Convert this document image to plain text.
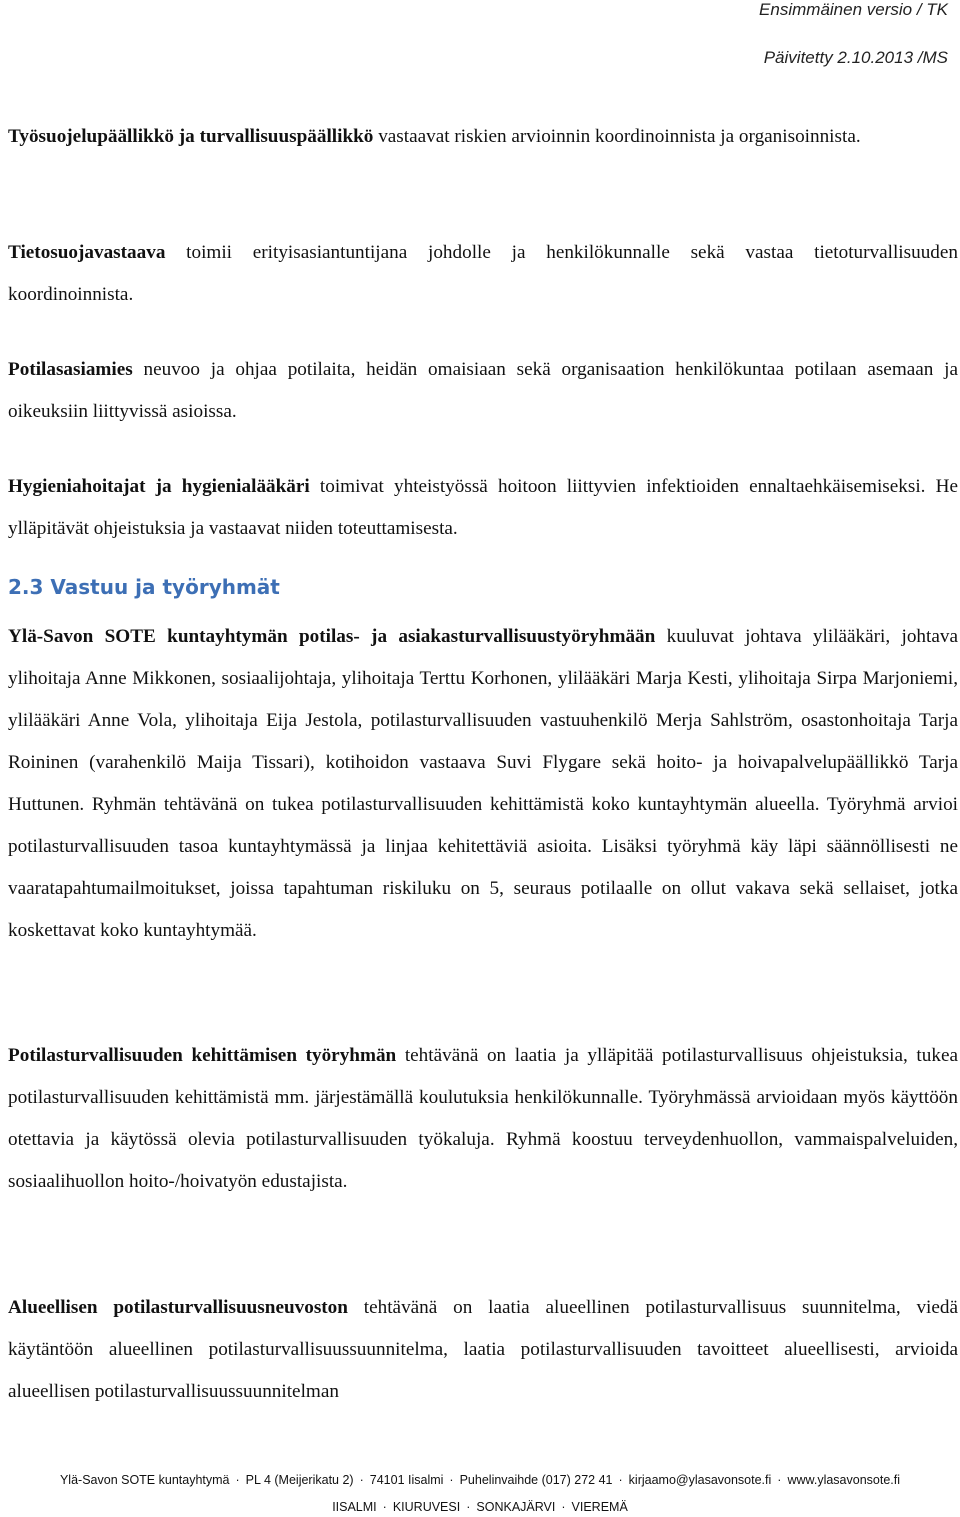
Ensimmäinen versio / TK
Päivitetty 2.10.2013 /MS

Työsuojelupäällikkö ja turvallisuuspäällikkö vastaavat riskien arvioinnin koordinoinnista ja organisoinnista.

Tietosuojavastaava toimii erityisasiantuntijana johdolle ja henkilökunnalle sekä vastaa tietoturvallisuuden koordinoinnista.

Potilasasiamies neuvoo ja ohjaa potilaita, heidän omaisiaan sekä organisaation henkilökuntaa potilaan asemaan ja oikeuksiin liittyvissä asioissa.

Hygieniahoitajat ja hygienialääkäri toimivat yhteistyössä hoitoon liittyvien infektioiden ennaltaehkäisemiseksi. He ylläpitävät ohjeistuksia ja vastaavat niiden toteuttamisesta.

2.3 Vastuu ja työryhmät

Ylä-Savon SOTE kuntayhtymän potilas- ja asiakasturvallisuustyöryhmään kuuluvat johtava ylilääkäri, johtava ylihoitaja Anne Mikkonen, sosiaalijohtaja, ylihoitaja Terttu Korhonen, ylilääkäri Marja Kesti, ylihoitaja Sirpa Marjoniemi, ylilääkäri Anne Vola, ylihoitaja Eija Jestola, potilasturvallisuuden vastuuhenkilö Merja Sahlström, osastonhoitaja Tarja Roininen (varahenkilö Maija Tissari), kotihoidon vastaava Suvi Flygare sekä hoito- ja hoivapalvelupäällikkö Tarja Huttunen. Ryhmän tehtävänä on tukea potilasturvallisuuden kehittämistä koko kuntayhtymän alueella. Työryhmä arvioi potilasturvallisuuden tasoa kuntayhtymässä ja linjaa kehitettäviä asioita. Lisäksi työryhmä käy läpi säännöllisesti ne vaaratapahtumailmoitukset, joissa tapahtuman riskiluku on 5, seuraus potilaalle on ollut vakava sekä sellaiset, jotka koskettavat koko kuntayhtymää.

Potilasturvallisuuden kehittämisen työryhmän tehtävänä on laatia ja ylläpitää potilasturvallisuus ohjeistuksia, tukea potilasturvallisuuden kehittämistä mm. järjestämällä koulutuksia henkilökunnalle. Työryhmässä arvioidaan myös käyttöön otettavia ja käytössä olevia potilasturvallisuuden työkaluja. Ryhmä koostuu terveydenhuollon, vammaispalveluiden, sosiaalihuollon hoito-/hoivatyön edustajista.

Alueellisen potilasturvallisuusneuvoston tehtävänä on laatia alueellinen potilasturvallisuus suunnitelma, viedä käytäntöön alueellinen potilasturvallisuussuunnitelma, laatia potilasturvallisuuden tavoitteet alueellisesti, arvioida alueellisen potilasturvallisuussuunnitelman

Ylä-Savon SOTE kuntayhtymä · PL 4 (Meijerikatu 2) · 74101 Iisalmi · Puhelinvaihde (017) 272 41 · kirjaamo@ylasavonsote.fi · www.ylasavonsote.fi
IISALMI · KIURUVESI · SONKAJÄRVI · VIEREMÄ
